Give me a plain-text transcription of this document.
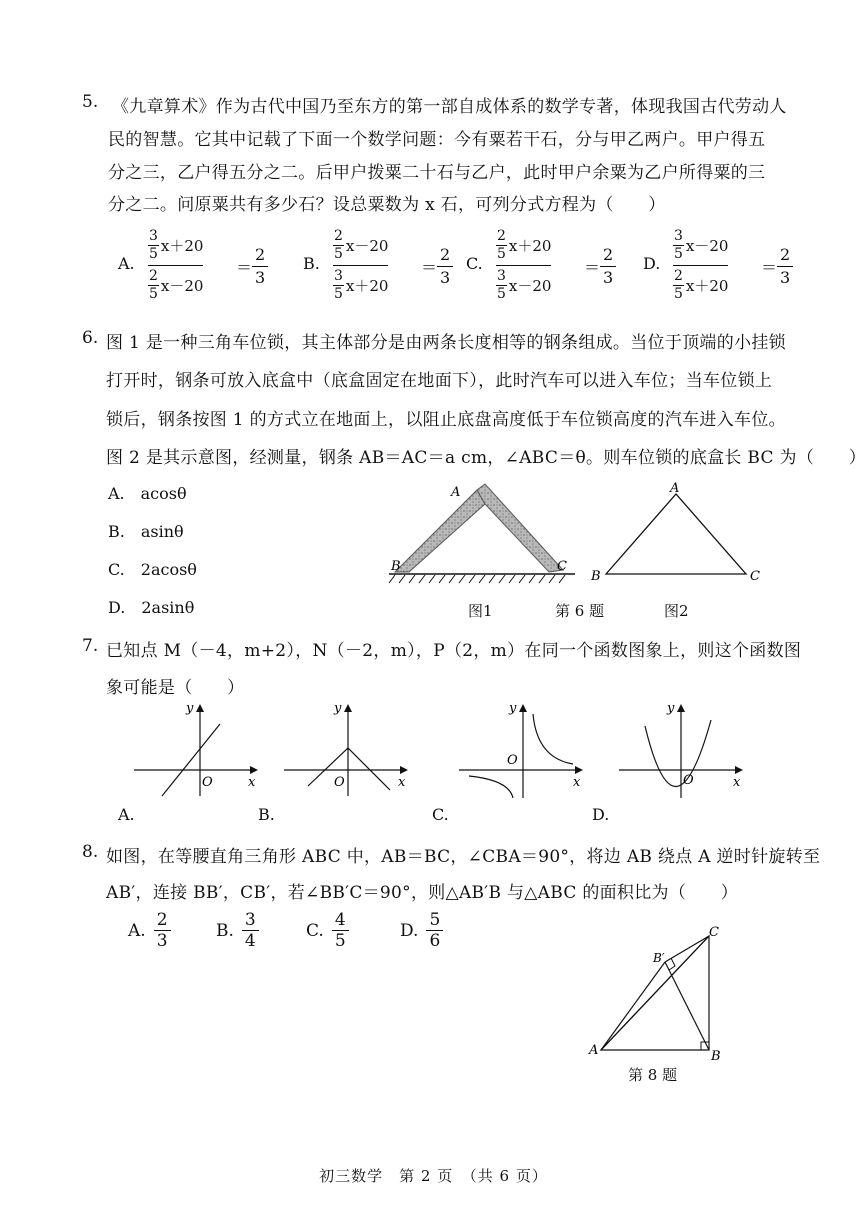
5. 《九章算术》作为古代中国乃至东方的第一部自成体系的数学专著，体现我国古代劳动人
民的智慧。它其中记载了下面一个数学问题：今有粟若干石，分与甲乙两户。甲户得五
分之三，乙户得五分之二。后甲户拨粟二十石与乙户，此时甲户余粟为乙户所得粟的三
分之二。问原粟共有多少石？设总粟数为 x 石，可列分式方程为（　　）
A.
$\frac{3}{5} x+20$
$\frac{2}{5} x-20$
＝ $\frac{2}{3} B$.
$\frac{2}{5} x-20$
$\frac{3}{5} x+20$
＝ $\frac{2}{3} C$.
$\frac{2}{5} x+20$
$\frac{3}{5} x-20$
＝ $\frac{2}{3} D$.
$\frac{3}{5} x-20$
$\frac{2}{5} x+20$
＝ $\frac{2}{3}$
6. 图 1 是一种三角车位锁，其主体部分是由两条长度相等的钢条组成。当位于顶端的小挂锁
打开时，钢条可放入底盒中（底盒固定在地面下），此时汽车可以进入车位；当车位锁上
锁后，钢条按图 1 的方式立在地面上，以阻止底盘高度低于车位锁高度的汽车进入车位。
图 2 是其示意图，经测量，钢条 AB＝AC＝a cm，∠ABC＝θ。则车位锁的底盒长 BC 为（　　）
A.　acosθ
B.　asinθ
C.　2acosθ
D.　2asinθ
A
B	C
图1	第 6 题	图2
A
B	C
7. 已知点 M（－4，m+2），N（－2，m），P（2，m）在同一个函数图象上，则这个函数图
象可能是（　　）
y
x
O
y
x
O
y
x
O
y
x
O
A.	B.	C.	D.
8. 如图，在等腰直角三角形 ABC 中，AB＝BC，∠CBA＝90°，将边 AB 绕点 A 逆时针旋转至
AB′，连接 BB′，CB′，若∠BB′C＝90°，则△AB′B 与△ABC 的面积比为（　　）
A. $\frac{2}{3}$	B. $\frac{3}{4}$	C. $\frac{4}{5}$	D. $\frac{5}{6}$
A	B
C
B′
第 8 题
初三数学　第 2 页　（共 6 页）
